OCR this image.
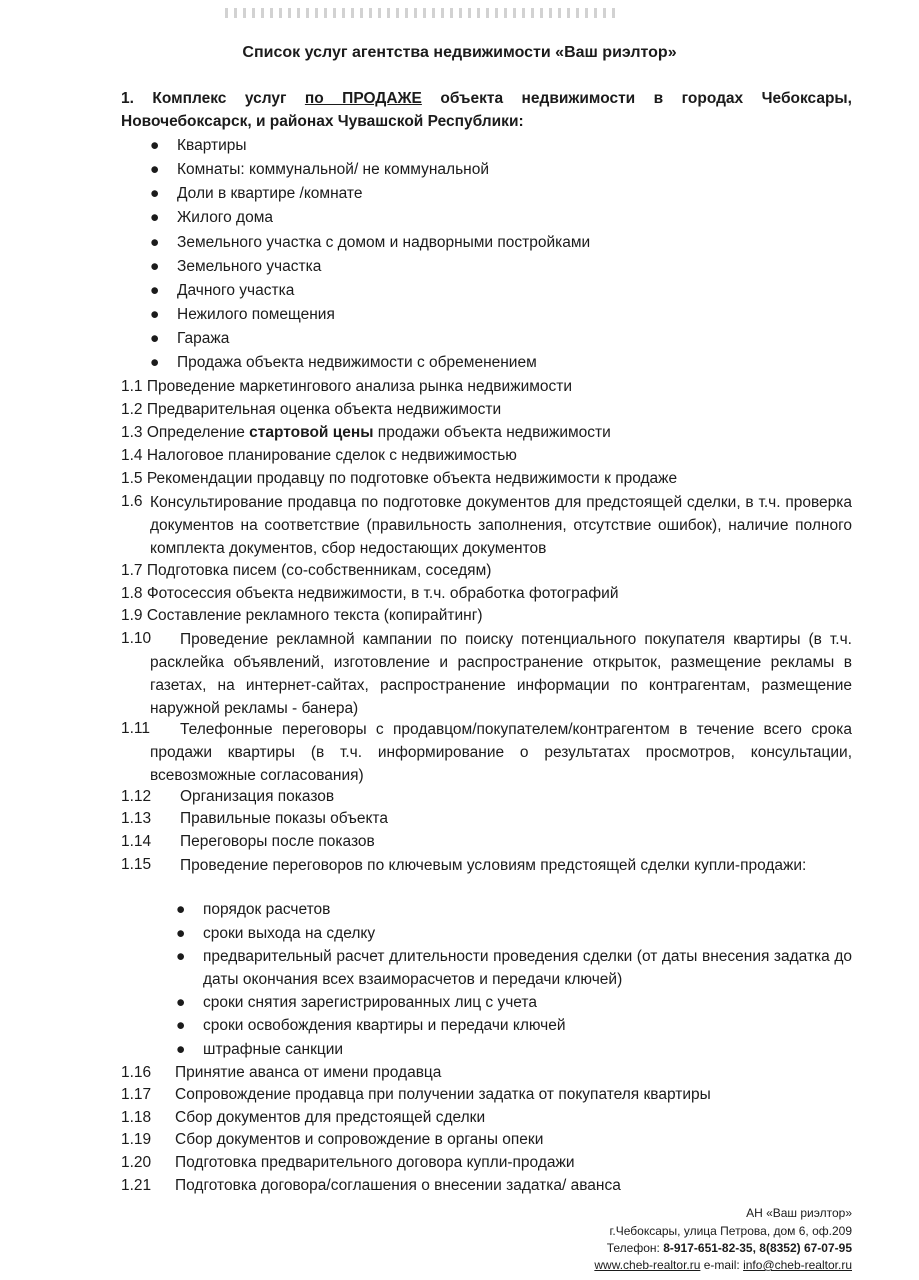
Список услуг агентства недвижимости «Ваш риэлтор»
1. Комплекс услуг по ПРОДАЖЕ объекта недвижимости в городах Чебоксары, Новочебоксарск, и районах Чувашской Республики:
● Квартиры
● Комнаты: коммунальной/ не коммунальной
● Доли в квартире /комнате
● Жилого дома
● Земельного участка с домом и надворными постройками
● Земельного участка
● Дачного участка
● Нежилого помещения
● Гаража
● Продажа объекта недвижимости с обременением
1.1 Проведение маркетингового анализа рынка недвижимости
1.2 Предварительная оценка объекта недвижимости
1.3 Определение стартовой цены продажи объекта недвижимости
1.4 Налоговое планирование сделок с недвижимостью
1.5 Рекомендации продавцу по подготовке объекта недвижимости к продаже
1.6 Консультирование продавца по подготовке документов для предстоящей сделки, в т.ч. проверка документов на соответствие (правильность заполнения, отсутствие ошибок), наличие полного комплекта документов, сбор недостающих документов
1.7 Подготовка писем (со-собственникам, соседям)
1.8 Фотосессия объекта недвижимости, в т.ч. обработка фотографий
1.9 Составление рекламного текста (копирайтинг)
1.10	Проведение рекламной кампании по поиску потенциального покупателя квартиры (в т.ч. расклейка объявлений, изготовление и распространение открыток, размещение рекламы в газетах, на интернет-сайтах, распространение информации по контрагентам, размещение наружной рекламы - банера)
1.11	Телефонные переговоры с продавцом/покупателем/контрагентом в течение всего срока продажи квартиры (в т.ч. информирование о результатах просмотров, консультации, всевозможные согласования)
1.12 Организация показов
1.13 Правильные показы объекта
1.14 Переговоры после показов
1.15	Проведение переговоров по ключевым условиям предстоящей сделки купли-продажи:
● порядок расчетов
● сроки выхода на сделку
● предварительный расчет длительности проведения сделки (от даты внесения задатка до даты окончания всех взаиморасчетов и передачи ключей)
● сроки снятия зарегистрированных лиц с учета
● сроки освобождения квартиры и передачи ключей
● штрафные санкции
1.16 Принятие аванса от имени продавца
1.17 Сопровождение продавца при получении задатка от покупателя квартиры
1.18 Сбор документов для предстоящей сделки
1.19 Сбор документов и сопровождение в органы опеки
1.20 Подготовка предварительного договора купли-продажи
1.21 Подготовка договора/соглашения о внесении задатка/ аванса
АН «Ваш риэлтор»
г.Чебоксары, улица Петрова, дом 6, оф.209
Телефон: 8-917-651-82-35, 8(8352) 67-07-95
www.cheb-realtor.ru e-mail: info@cheb-realtor.ru
